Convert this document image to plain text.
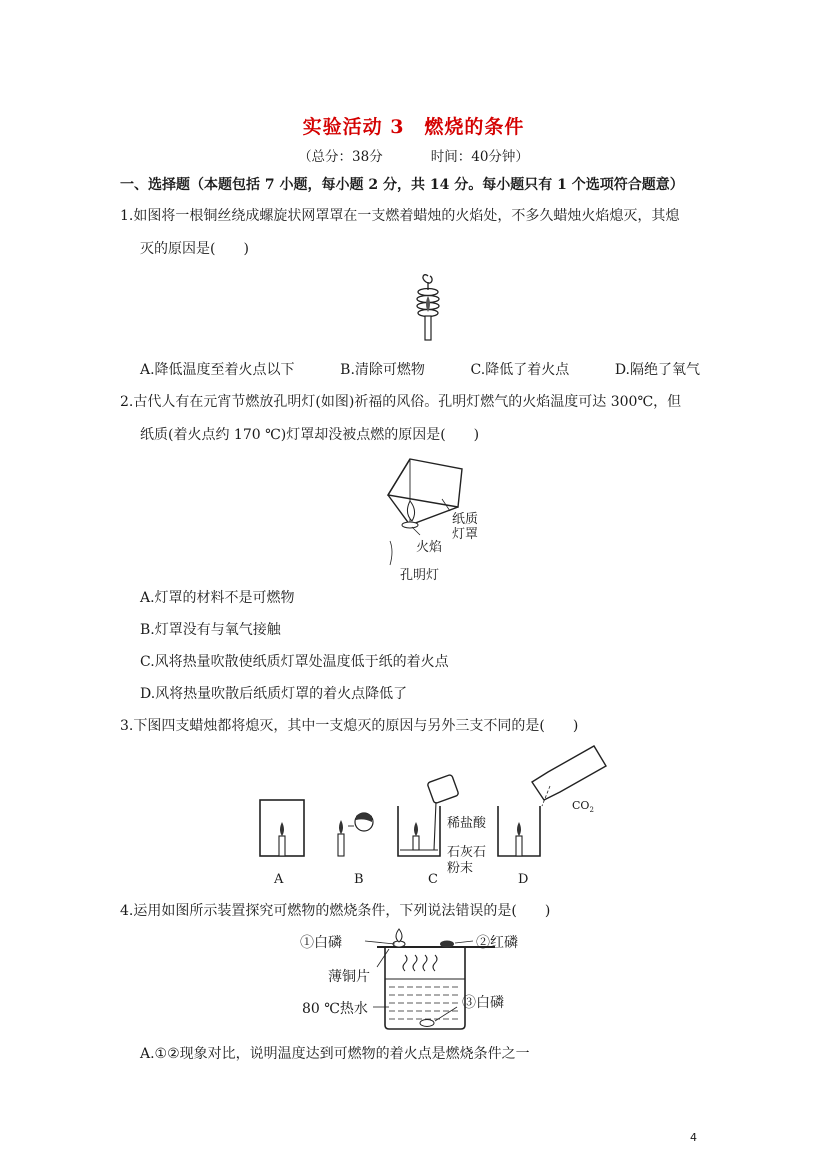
实验活动 3　燃烧的条件
（总分：38分	时间：40分钟）
一、选择题（本题包括 7 小题，每小题 2 分，共 14 分。每小题只有 1 个选项符合题意）
1.如图将一根铜丝绕成螺旋状网罩罩在一支燃着蜡烛的火焰处，不多久蜡烛火焰熄灭，其熄
灭的原因是(　　)
A.降低温度至着火点以下	B.清除可燃物	C.降低了着火点	D.隔绝了氧气
2.古代人有在元宵节燃放孔明灯(如图)祈福的风俗。孔明灯燃气的火焰温度可达 300℃，但
纸质(着火点约 170 ℃)灯罩却没被点燃的原因是(　　)
纸质
灯罩
火焰
孔明灯
A.灯罩的材料不是可燃物
B.灯罩没有与氧气接触
C.风将热量吹散使纸质灯罩处温度低于纸的着火点
D.风将热量吹散后纸质灯罩的着火点降低了
3.下图四支蜡烛都将熄灭，其中一支熄灭的原因与另外三支不同的是(　　)
稀盐酸
石灰石
粉末
$CO_2$
A	B	C	D
4.运用如图所示装置探究可燃物的燃烧条件，下列说法错误的是(　　)
①白磷	②红磷
薄铜片
80 ℃热水	③白磷
A.①②现象对比，说明温度达到可燃物的着火点是燃烧条件之一
4
